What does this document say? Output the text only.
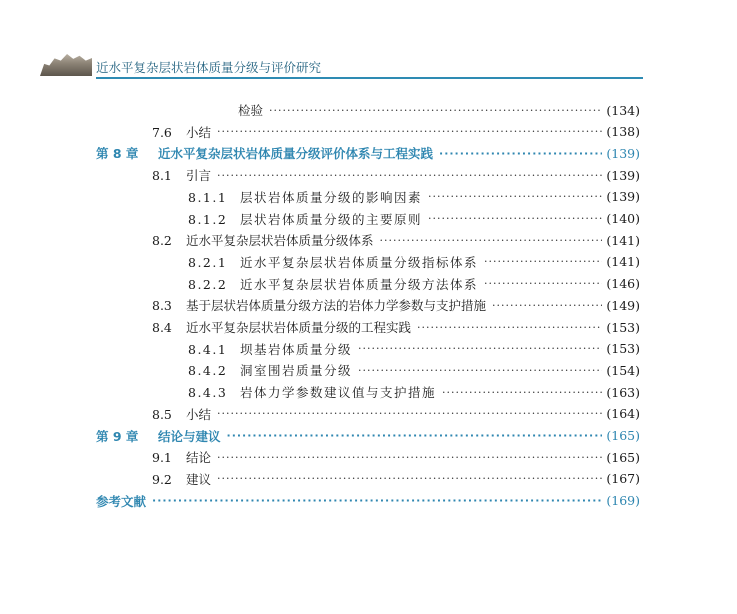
近水平复杂层状岩体质量分级与评价研究
检验 ·····	(134)
7.6 小结 ·····	(138)
第 8 章 近水平复杂层状岩体质量分级评价体系与工程实践 ·····	(139)
8.1 引言 ·····	(139)
8.1.1 层状岩体质量分级的影响因素 ·····	(139)
8.1.2 层状岩体质量分级的主要原则 ·····	(140)
8.2 近水平复杂层状岩体质量分级体系 ·····	(141)
8.2.1 近水平复杂层状岩体质量分级指标体系 ·····	(141)
8.2.2 近水平复杂层状岩体质量分级方法体系 ·····	(146)
8.3 基于层状岩体质量分级方法的岩体力学参数与支护措施 ·····	(149)
8.4 近水平复杂层状岩体质量分级的工程实践 ·····	(153)
8.4.1 坝基岩体质量分级 ·····	(153)
8.4.2 洞室围岩质量分级 ·····	(154)
8.4.3 岩体力学参数建议值与支护措施 ·····	(163)
8.5 小结 ·····	(164)
第 9 章 结论与建议 ·····	(165)
9.1 结论 ·····	(165)
9.2 建议 ·····	(167)
参考文献 ·····	(169)
